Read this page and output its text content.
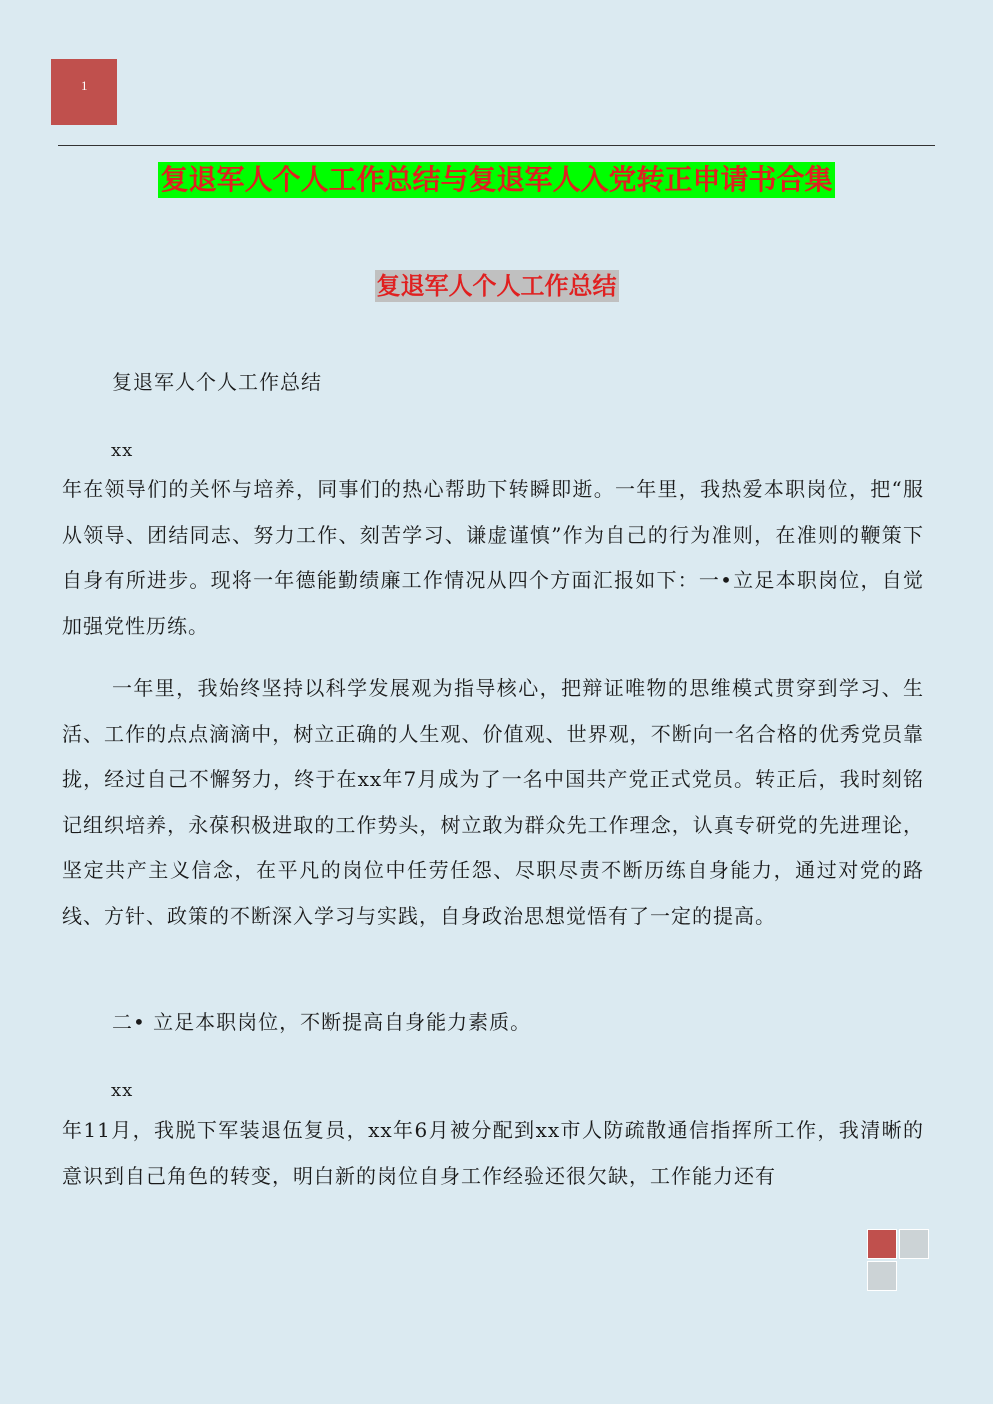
1
复退军人个人工作总结与复退军人入党转正申请书合集
复退军人个人工作总结

复退军人个人工作总结

xx

年在领导们的关怀与培养，同事们的热心帮助下转瞬即逝。一年里，我热爱本职岗位，把“服从领导、团结同志、努力工作、刻苦学习、谦虚谨慎”作为自己的行为准则，在准则的鞭策下自身有所进步。现将一年德能勤绩廉工作情况从四个方面汇报如下：一•立足本职岗位，自觉加强党性历练。

一年里，我始终坚持以科学发展观为指导核心，把辩证唯物的思维模式贯穿到学习、生活、工作的点点滴滴中，树立正确的人生观、价值观、世界观，不断向一名合格的优秀党员靠拢，经过自己不懈努力，终于在xx年7月成为了一名中国共产党正式党员。转正后，我时刻铭记组织培养，永葆积极进取的工作势头，树立敢为群众先工作理念，认真专研党的先进理论，坚定共产主义信念，在平凡的岗位中任劳任怨、尽职尽责不断历练自身能力，通过对党的路线、方针、政策的不断深入学习与实践，自身政治思想觉悟有了一定的提高。

二• 立足本职岗位，不断提高自身能力素质。

xx

年11月，我脱下军装退伍复员，xx年6月被分配到xx市人防疏散通信指挥所工作，我清晰的意识到自己角色的转变，明白新的岗位自身工作经验还很欠缺，工作能力还有
